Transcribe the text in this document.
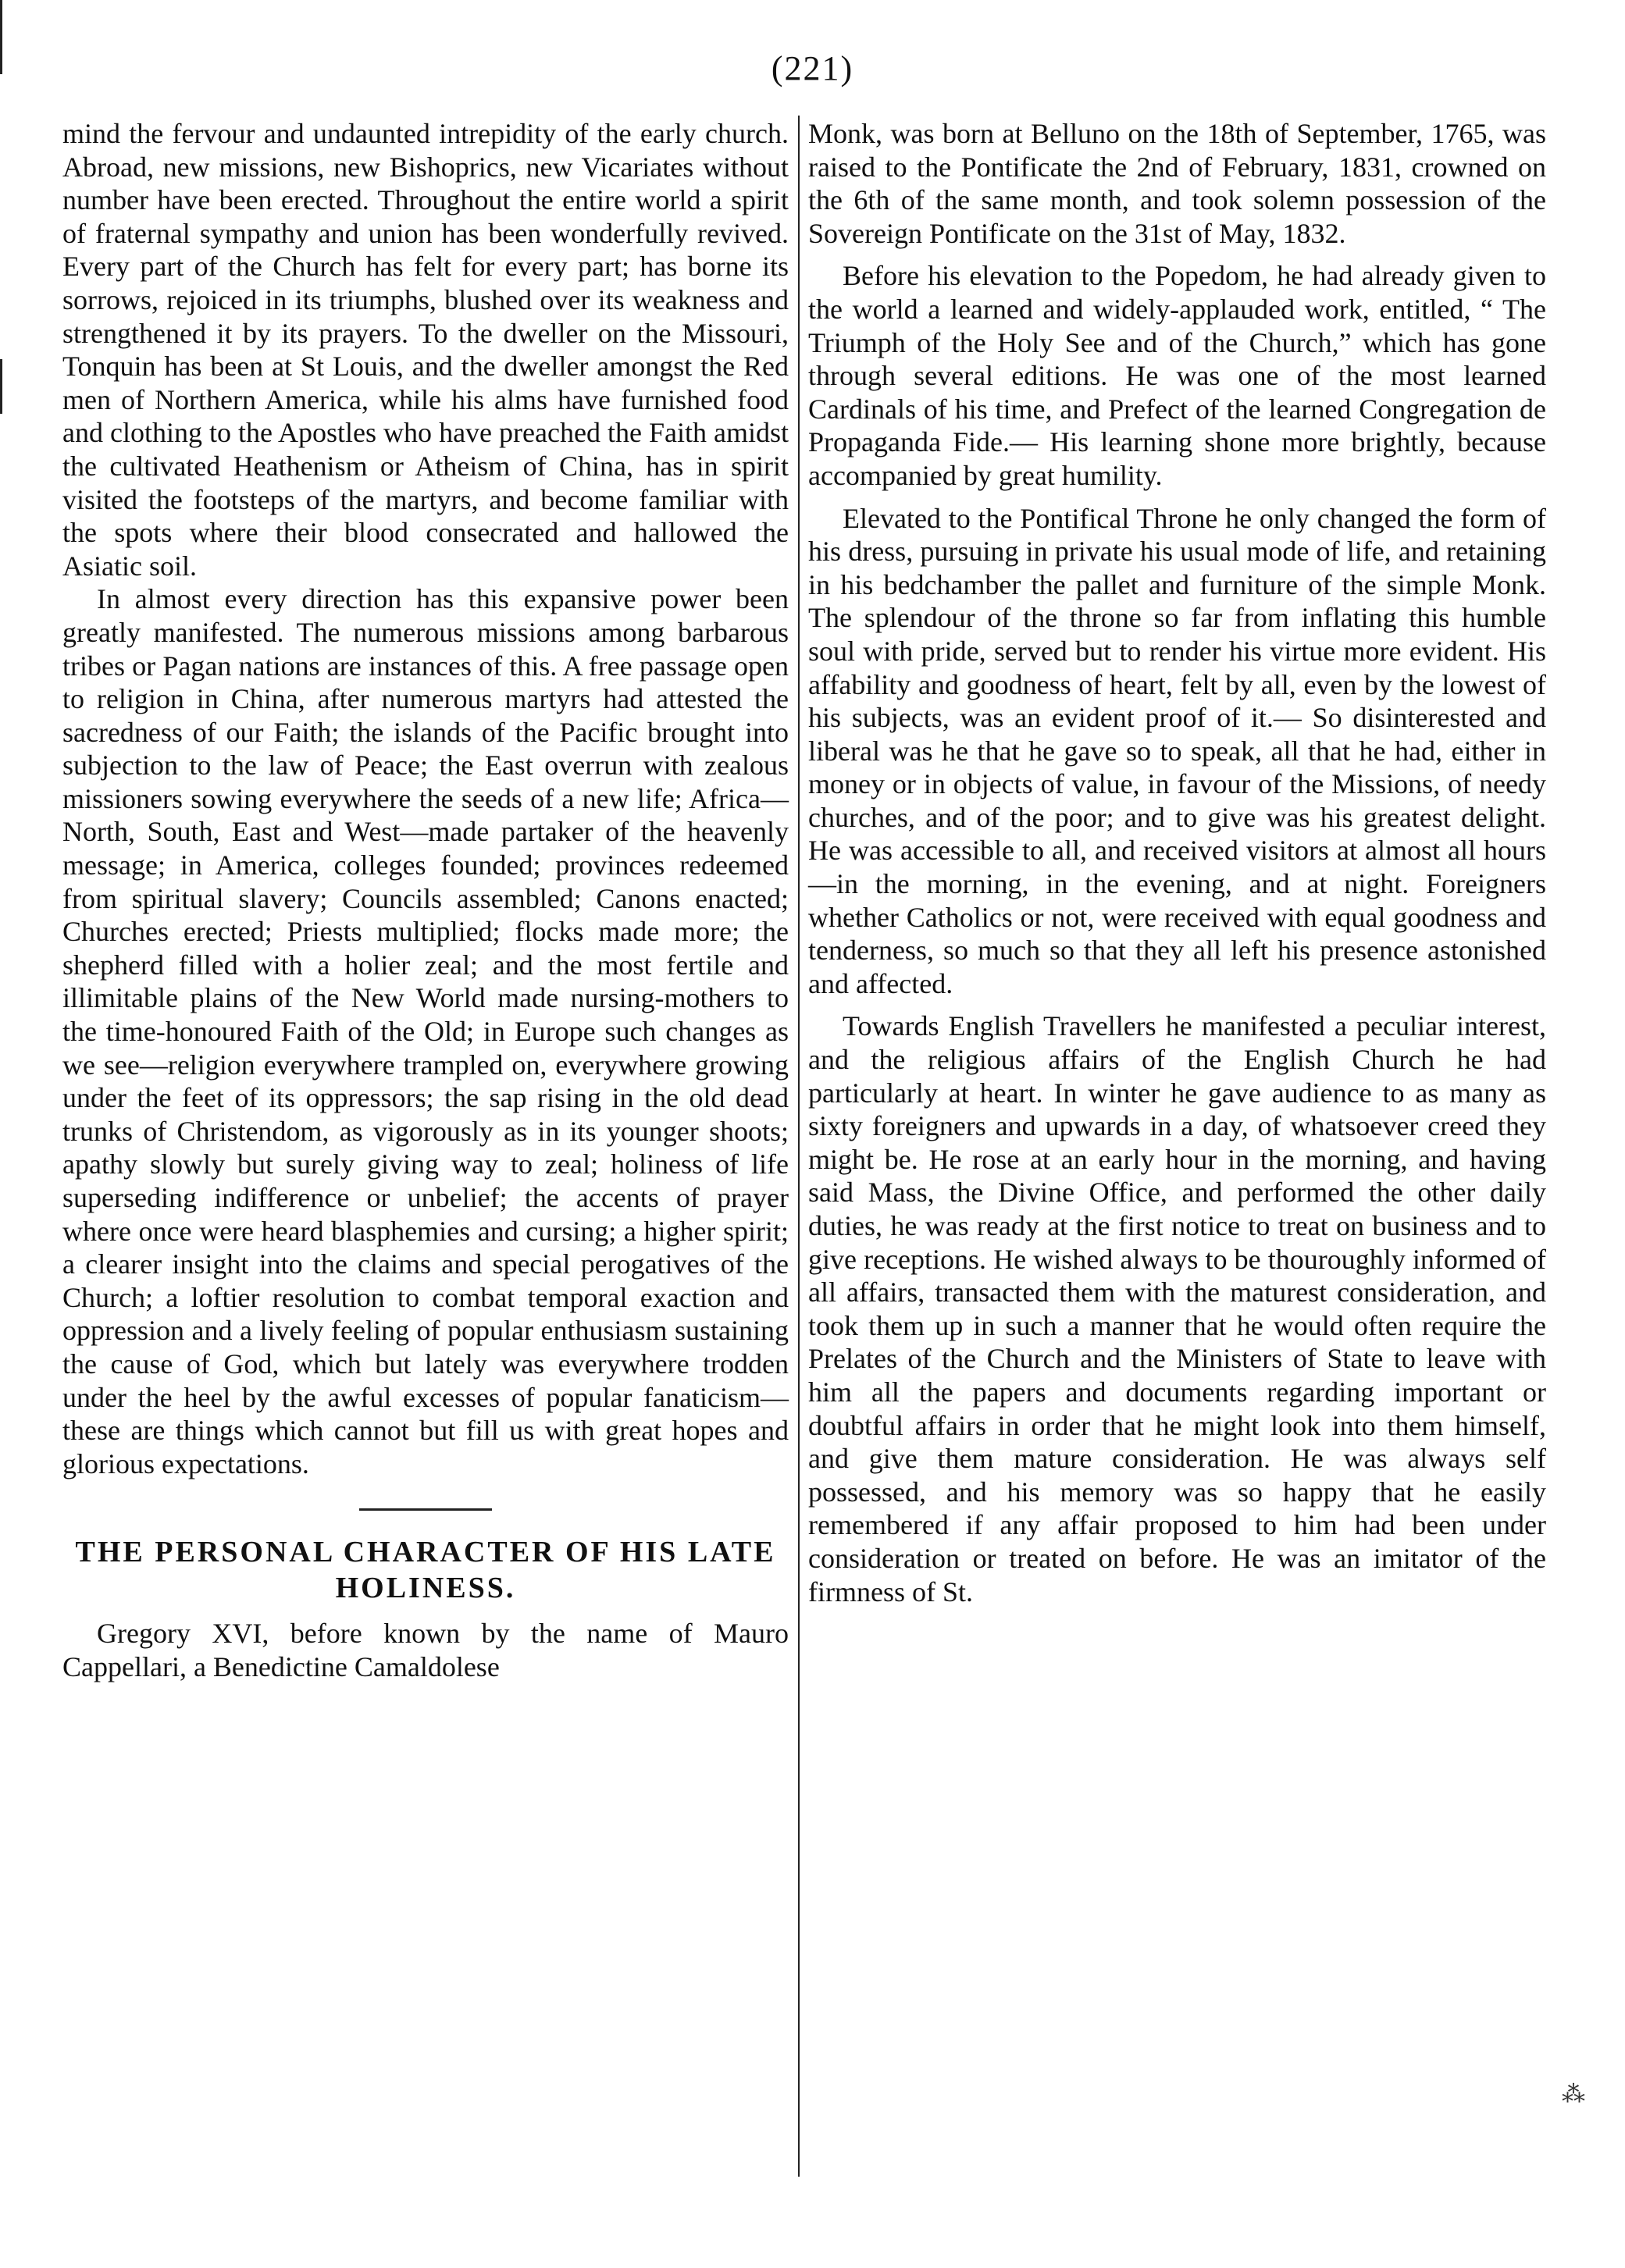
(221)

mind the fervour and undaunted intrepidity of the early church. Abroad, new missions, new Bishoprics, new Vicariates without number have been erected. Throughout the entire world a spirit of fraternal sympathy and union has been wonderfully revived. Every part of the Church has felt for every part; has borne its sorrows, rejoiced in its triumphs, blushed over its weakness and strengthened it by its prayers. To the dweller on the Missouri, Tonquin has been at St Louis, and the dweller amongst the Red men of Northern America, while his alms have furnished food and clothing to the Apostles who have preached the Faith amidst the cultivated Heathenism or Atheism of China, has in spirit visited the footsteps of the martyrs, and become familiar with the spots where their blood consecrated and hallowed the Asiatic soil.

In almost every direction has this expansive power been greatly manifested. The numerous missions among barbarous tribes or Pagan nations are instances of this. A free passage open to religion in China, after numerous martyrs had attested the sacredness of our Faith; the islands of the Pacific brought into subjection to the law of Peace; the East overrun with zealous missioners sowing everywhere the seeds of a new life; Africa—North, South, East and West—made partaker of the heavenly message; in America, colleges founded; provinces redeemed from spiritual slavery; Councils assembled; Canons enacted; Churches erected; Priests multiplied; flocks made more; the shepherd filled with a holier zeal; and the most fertile and illimitable plains of the New World made nursing-mothers to the time-honoured Faith of the Old; in Europe such changes as we see—religion everywhere trampled on, everywhere growing under the feet of its oppressors; the sap rising in the old dead trunks of Christendom, as vigorously as in its younger shoots; apathy slowly but surely giving way to zeal; holiness of life superseding indifference or unbelief; the accents of prayer where once were heard blasphemies and cursing; a higher spirit; a clearer insight into the claims and special perogatives of the Church; a loftier resolution to combat temporal exaction and oppression and a lively feeling of popular enthusiasm sustaining the cause of God, which but lately was everywhere trodden under the heel by the awful excesses of popular fanaticism—these are things which cannot but fill us with great hopes and glorious expectations.

THE PERSONAL CHARACTER OF HIS LATE HOLINESS.

Gregory XVI, before known by the name of Mauro Cappellari, a Benedictine Camaldolese

Monk, was born at Belluno on the 18th of September, 1765, was raised to the Pontificate the 2nd of February, 1831, crowned on the 6th of the same month, and took solemn possession of the Sovereign Pontificate on the 31st of May, 1832.

Before his elevation to the Popedom, he had already given to the world a learned and widely-applauded work, entitled, “ The Triumph of the Holy See and of the Church,” which has gone through several editions. He was one of the most learned Cardinals of his time, and Prefect of the learned Congregation de Propaganda Fide.— His learning shone more brightly, because accompanied by great humility.

Elevated to the Pontifical Throne he only changed the form of his dress, pursuing in private his usual mode of life, and retaining in his bedchamber the pallet and furniture of the simple Monk. The splendour of the throne so far from inflating this humble soul with pride, served but to render his virtue more evident. His affability and goodness of heart, felt by all, even by the lowest of his subjects, was an evident proof of it.— So disinterested and liberal was he that he gave so to speak, all that he had, either in money or in objects of value, in favour of the Missions, of needy churches, and of the poor; and to give was his greatest delight. He was accessible to all, and received visitors at almost all hours—in the morning, in the evening, and at night. Foreigners whether Catholics or not, were received with equal goodness and tenderness, so much so that they all left his presence astonished and affected.

Towards English Travellers he manifested a peculiar interest, and the religious affairs of the English Church he had particularly at heart. In winter he gave audience to as many as sixty foreigners and upwards in a day, of whatsoever creed they might be. He rose at an early hour in the morning, and having said Mass, the Divine Office, and performed the other daily duties, he was ready at the first notice to treat on business and to give receptions. He wished always to be thouroughly informed of all affairs, transacted them with the maturest consideration, and took them up in such a manner that he would often require the Prelates of the Church and the Ministers of State to leave with him all the papers and documents regarding important or doubtful affairs in order that he might look into them himself, and give them mature consideration. He was always self possessed, and his memory was so happy that he easily remembered if any affair proposed to him had been under consideration or treated on before. He was an imitator of the firmness of St.

⁂
